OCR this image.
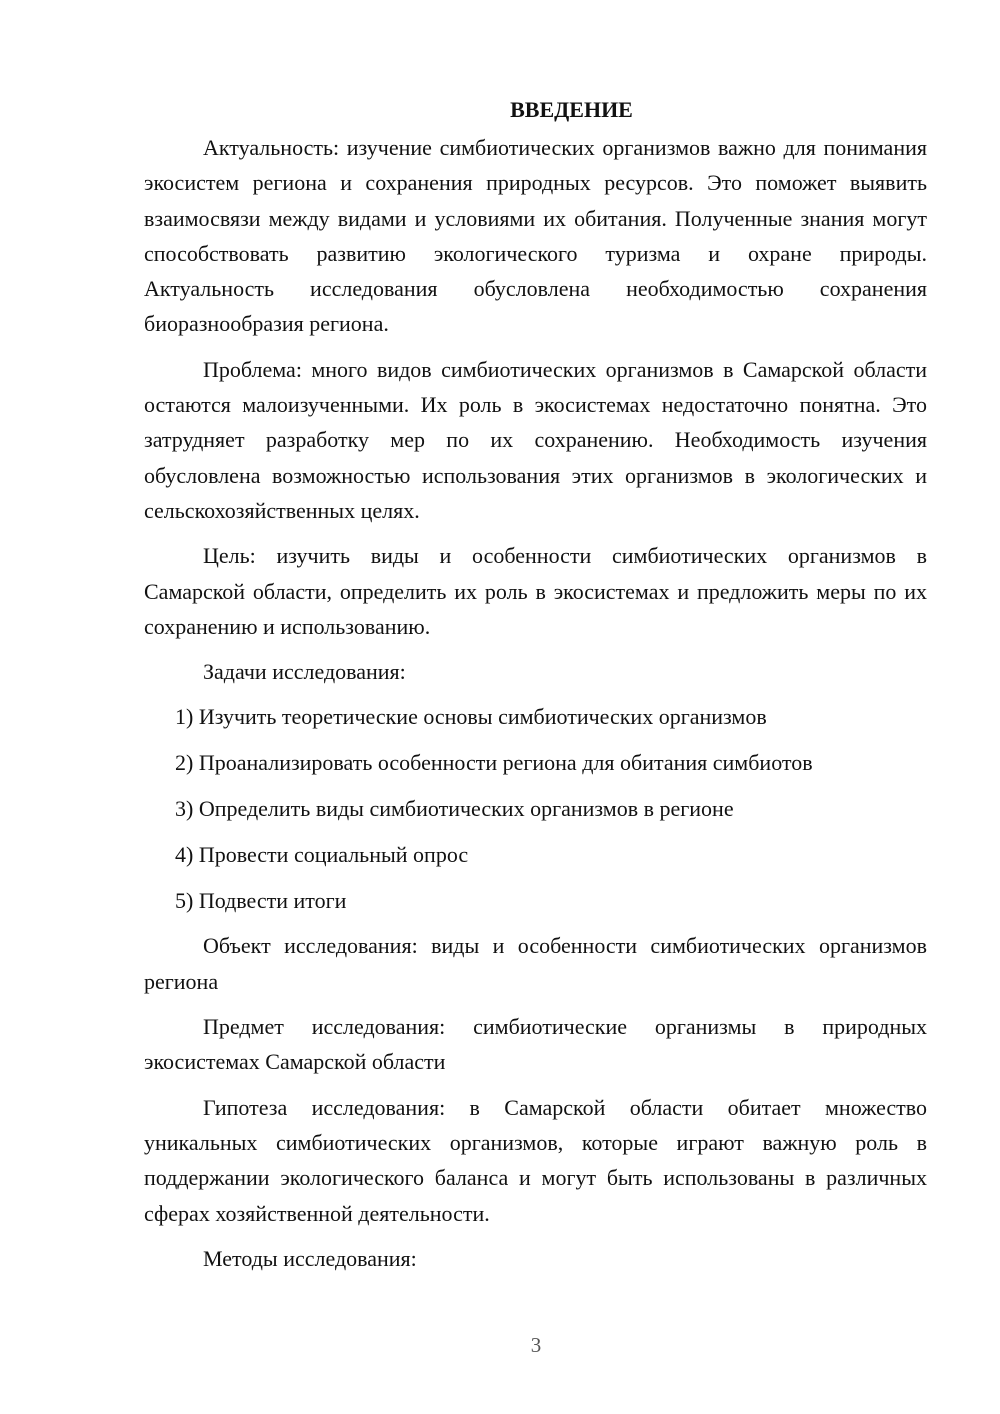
ВВЕДЕНИЕ

Актуальность: изучение симбиотических организмов важно для понимания экосистем региона и сохранения природных ресурсов. Это поможет выявить взаимосвязи между видами и условиями их обитания. Полученные знания могут способствовать развитию экологического туризма и охране природы. Актуальность исследования обусловлена необходимостью сохранения биоразнообразия региона.

Проблема: много видов симбиотических организмов в Самарской области остаются малоизученными. Их роль в экосистемах недостаточно понятна. Это затрудняет разработку мер по их сохранению. Необходимость изучения обусловлена возможностью использования этих организмов в экологических и сельскохозяйственных целях.

Цель: изучить виды и особенности симбиотических организмов в Самарской области, определить их роль в экосистемах и предложить меры по их сохранению и использованию.

Задачи исследования:

1) Изучить теоретические основы симбиотических организмов
2) Проанализировать особенности региона для обитания симбиотов
3) Определить виды симбиотических организмов в регионе
4) Провести социальный опрос
5) Подвести итоги

Объект исследования: виды и особенности симбиотических организмов региона

Предмет исследования: симбиотические организмы в природных экосистемах Самарской области

Гипотеза исследования: в Самарской области обитает множество уникальных симбиотических организмов, которые играют важную роль в поддержании экологического баланса и могут быть использованы в различных сферах хозяйственной деятельности.

Методы исследования:

3
